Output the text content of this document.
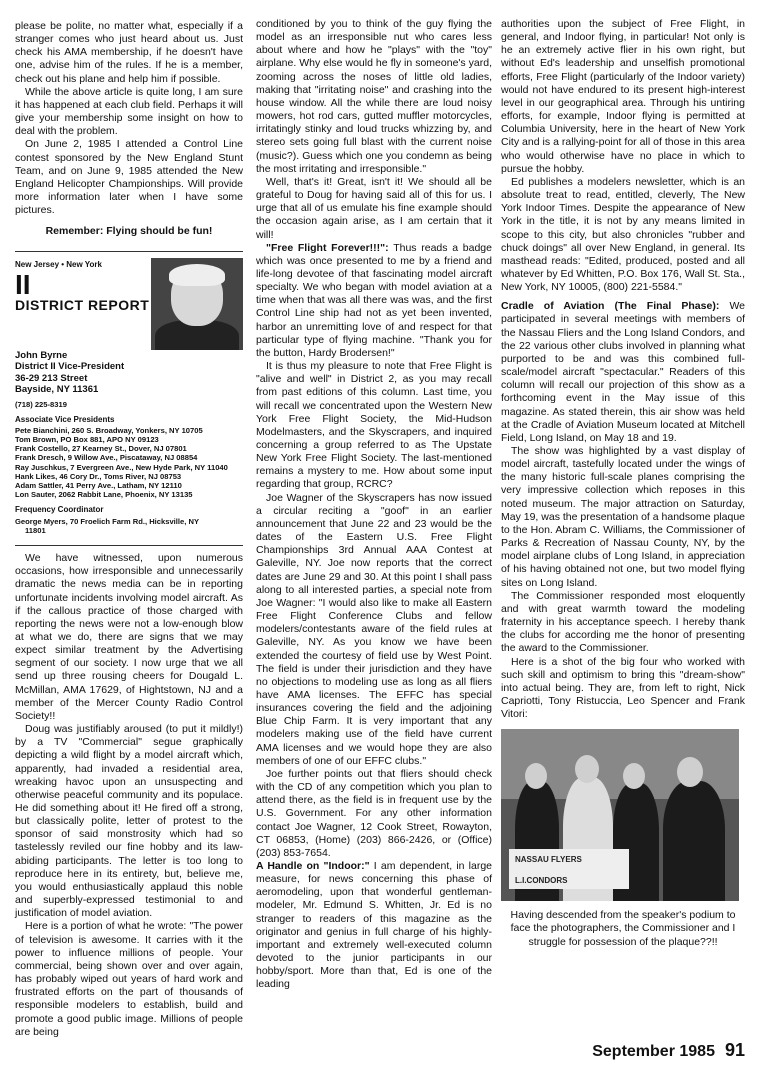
please be polite, no matter what, especially if a stranger comes who just heard about us. Just check his AMA membership, if he doesn't have one, advise him of the rules. If he is a member, check out his plane and help him if possible.

While the above article is quite long, I am sure it has happened at each club field. Perhaps it will give your membership some insight on how to deal with the problem.

On June 2, 1985 I attended a Control Line contest sponsored by the New England Stunt Team, and on June 9, 1985 attended the New England Helicopter Championships. Will provide more information later when I have some pictures.

Remember: Flying should be fun!

New Jersey • New York
II
DISTRICT REPORT
John Byrne
District II Vice-President
36-29 213 Street
Bayside, NY 11361
(718) 225-8319
Associate Vice Presidents
Pete Bianchini, 260 S. Broadway, Yonkers, NY 10705
Tom Brown, PO Box 881, APO NY 09123
Frank Costello, 27 Kearney St., Dover, NJ 07801
Frank Dresch, 9 Willow Ave., Piscataway, NJ 08854
Ray Juschkus, 7 Evergreen Ave., New Hyde Park, NY 11040
Hank Likes, 46 Cory Dr., Toms River, NJ 08753
Adam Sattler, 41 Perry Ave., Latham, NY 12110
Lon Sauter, 2062 Rabbit Lane, Phoenix, NY 13135
Frequency Coordinator
George Myers, 70 Froelich Farm Rd., Hicksville, NY
11801

We have witnessed, upon numerous occasions, how irresponsible and unnecessarily dramatic the news media can be in reporting unfortunate incidents involving model aircraft. As if the callous practice of those charged with reporting the news were not a low-enough blow at what we do, there are signs that we may expect similar treatment by the Advertising segment of our society. I now urge that we all send up three rousing cheers for Dougald L. McMillan, AMA 17629, of Hightstown, NJ and a member of the Mercer County Radio Control Society!!

Doug was justifiably aroused (to put it mildly!) by a TV "Commercial" segue graphically depicting a wild flight by a model aircraft which, apparently, had invaded a residential area, wreaking havoc upon an unsuspecting and otherwise peaceful community and its populace. He did something about it! He fired off a strong, but classically polite, letter of protest to the sponsor of said monstrosity which had so tastelessly reviled our fine hobby and its law-abiding participants. The letter is too long to reproduce here in its entirety, but, believe me, you would enthusiastically applaud this noble and superbly-expressed testimonial to and justification of model aviation.

Here is a portion of what he wrote: "The power of television is awesome. It carries with it the power to influence millions of people. Your commercial, being shown over and over again, has probably wiped out years of hard work and frustrated efforts on the part of thousands of responsible modelers to establish, build and promote a good public image. Millions of people are being

conditioned by you to think of the guy flying the model as an irresponsible nut who cares less about where and how he "plays" with the "toy" airplane. Why else would he fly in someone's yard, zooming across the noses of little old ladies, making that "irritating noise" and crashing into the house window. All the while there are loud noisy mowers, hot rod cars, gutted muffler motorcycles, irritatingly stinky and loud trucks whizzing by, and stereo sets going full blast with the current noise (music?). Guess which one you condemn as being the most irritating and irresponsible."

Well, that's it! Great, isn't it! We should all be grateful to Doug for having said all of this for us. I urge that all of us emulate his fine example should the occasion again arise, as I am certain that it will!

"Free Flight Forever!!!": Thus reads a badge which was once presented to me by a friend and life-long devotee of that fascinating model aircraft specialty. We who began with model aviation at a time when that was all there was was, and the first Control Line ship had not as yet been invented, harbor an unremitting love of and respect for that particular type of flying machine. "Thank you for the button, Hardy Brodersen!"

It is thus my pleasure to note that Free Flight is "alive and well" in District 2, as you may recall from past editions of this column. Last time, you will recall we concentrated upon the Western New York Free Flight Society, the Mid-Hudson Modelmasters, and the Skyscrapers, and inquired concerning a group referred to as The Upstate New York Free Flight Society. The last-mentioned remains a mystery to me. How about some input regarding that group, RCRC?

Joe Wagner of the Skyscrapers has now issued a circular reciting a "goof" in an earlier announcement that June 22 and 23 would be the dates of the Eastern U.S. Free Flight Championships 3rd Annual AAA Contest at Galeville, NY. Joe now reports that the correct dates are June 29 and 30. At this point I shall pass along to all interested parties, a special note from Joe Wagner: "I would also like to make all Eastern Free Flight Conference Clubs and fellow modelers/contestants aware of the field rules at Galeville, NY. As you know we have been extended the courtesy of field use by West Point. The field is under their jurisdiction and they have no objections to modeling use as long as all fliers have AMA licenses. The EFFC has special insurances covering the field and the adjoining Blue Chip Farm. It is very important that any modelers making use of the field have current AMA licenses and we would hope they are also members of one of our EFFC clubs."

Joe further points out that fliers should check with the CD of any competition which you plan to attend there, as the field is in frequent use by the U.S. Government. For any other information contact Joe Wagner, 12 Cook Street, Rowayton, CT 06853, (Home) (203) 866-2426, or (Office) (203) 853-7654.

A Handle on "Indoor:" I am dependent, in large measure, for news concerning this phase of aeromodeling, upon that wonderful gentleman-modeler, Mr. Edmund S. Whitten, Jr. Ed is no stranger to readers of this magazine as the originator and genius in full charge of his highly-important and extremely well-executed column devoted to the junior participants in our hobby/sport. More than that, Ed is one of the leading

authorities upon the subject of Free Flight, in general, and Indoor flying, in particular! Not only is he an extremely active flier in his own right, but without Ed's leadership and unselfish promotional efforts, Free Flight (particularly of the Indoor variety) would not have endured to its present high-interest level in our geographical area. Through his untiring efforts, for example, Indoor flying is permitted at Columbia University, here in the heart of New York City and is a rallying-point for all of those in this area who would otherwise have no place in which to pursue the hobby.

Ed publishes a modelers newsletter, which is an absolute treat to read, entitled, cleverly, The New York Indoor Times. Despite the appearance of New York in the title, it is not by any means limited in scope to this city, but also chronicles "rubber and chuck doings" all over New England, in general. Its masthead reads: "Edited, produced, posted and all whatever by Ed Whitten, P.O. Box 176, Wall St. Sta., New York, NY 10005, (800) 221-5584."

Cradle of Aviation (The Final Phase): We participated in several meetings with members of the Nassau Fliers and the Long Island Condors, and the 22 various other clubs involved in planning what purported to be and was this combined full-scale/model aircraft "spectacular." Readers of this column will recall our projection of this show as a forthcoming event in the May issue of this magazine. As stated therein, this air show was held at the Cradle of Aviation Museum located at Mitchell Field, Long Island, on May 18 and 19.

The show was highlighted by a vast display of model aircraft, tastefully located under the wings of the many historic full-scale planes comprising the very impressive collection which reposes in this noted museum. The major attraction on Saturday, May 19, was the presentation of a handsome plaque to the Hon. Abram C. Williams, the Commissioner of Parks & Recreation of Nassau County, NY, by the model airplane clubs of Long Island, in appreciation of his having obtained not one, but two model flying sites on Long Island.

The Commissioner responded most eloquently and with great warmth toward the modeling fraternity in his acceptance speech. I hereby thank the clubs for according me the honor of presenting the award to the Commissioner.

Here is a shot of the big four who worked with such skill and optimism to bring this "dream-show" into actual being. They are, from left to right, Nick Capriotti, Tony Ristuccia, Leo Spencer and Frank Vitori:

NASSAU FLYERS
L.I.CONDORS

Having descended from the speaker's podium to face the photographers, the Commissioner and I struggle for possession of the plaque??!!

September 1985 91
